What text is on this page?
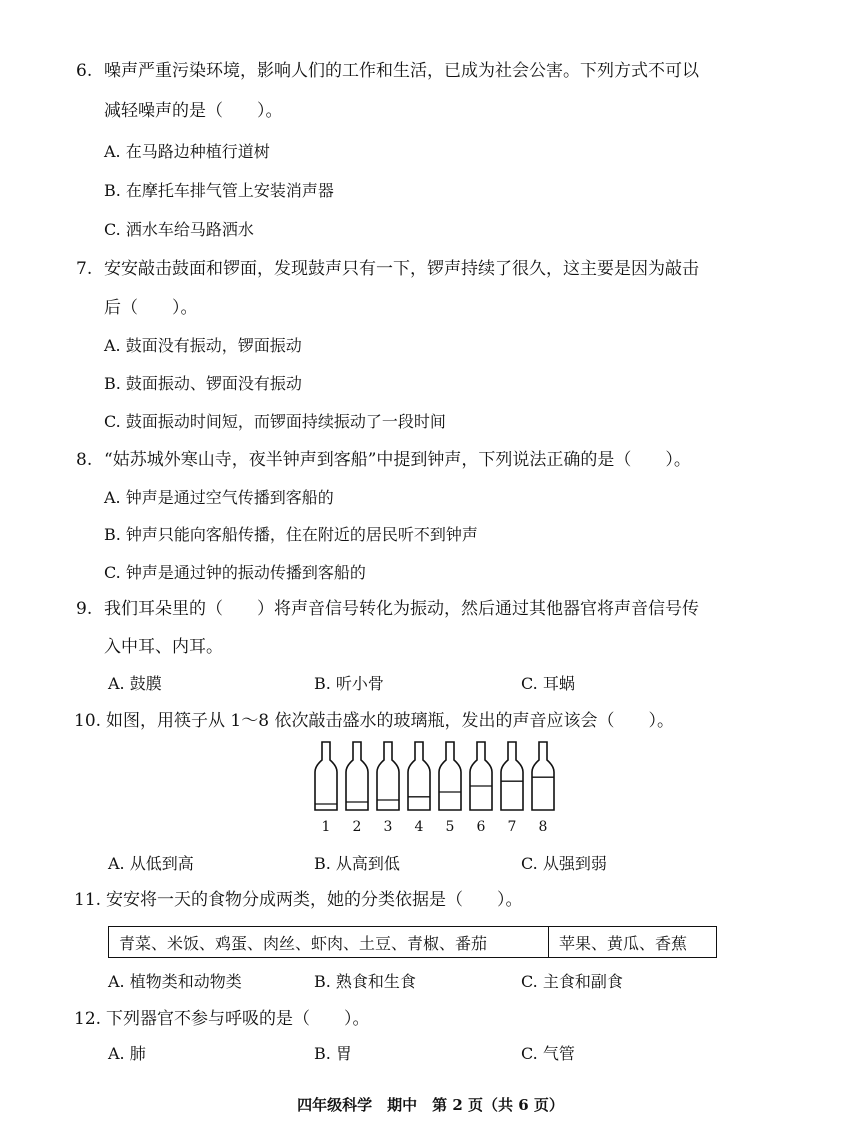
6. 噪声严重污染环境，影响人们的工作和生活，已成为社会公害。下列方式不可以
减轻噪声的是（　　）。
A. 在马路边种植行道树
B. 在摩托车排气管上安装消声器
C. 洒水车给马路洒水
7. 安安敲击鼓面和锣面，发现鼓声只有一下，锣声持续了很久，这主要是因为敲击
后（　　）。
A. 鼓面没有振动，锣面振动
B. 鼓面振动、锣面没有振动
C. 鼓面振动时间短，而锣面持续振动了一段时间
8. “姑苏城外寒山寺，夜半钟声到客船”中提到钟声，下列说法正确的是（　　）。
A. 钟声是通过空气传播到客船的
B. 钟声只能向客船传播，住在附近的居民听不到钟声
C. 钟声是通过钟的振动传播到客船的
9. 我们耳朵里的（　　）将声音信号转化为振动，然后通过其他器官将声音信号传
入中耳、内耳。
A. 鼓膜	B. 听小骨	C. 耳蜗
10. 如图，用筷子从 1～8 依次敲击盛水的玻璃瓶，发出的声音应该会（　　）。
1 2 3 4 5 6 7 8
A. 从低到高	B. 从高到低	C. 从强到弱
11. 安安将一天的食物分成两类，她的分类依据是（　　）。
青菜、米饭、鸡蛋、肉丝、虾肉、土豆、青椒、番茄	苹果、黄瓜、香蕉
A. 植物类和动物类	B. 熟食和生食	C. 主食和副食
12. 下列器官不参与呼吸的是（　　）。
A. 肺	B. 胃	C. 气管
四年级科学　期中　第 2 页（共 6 页）
